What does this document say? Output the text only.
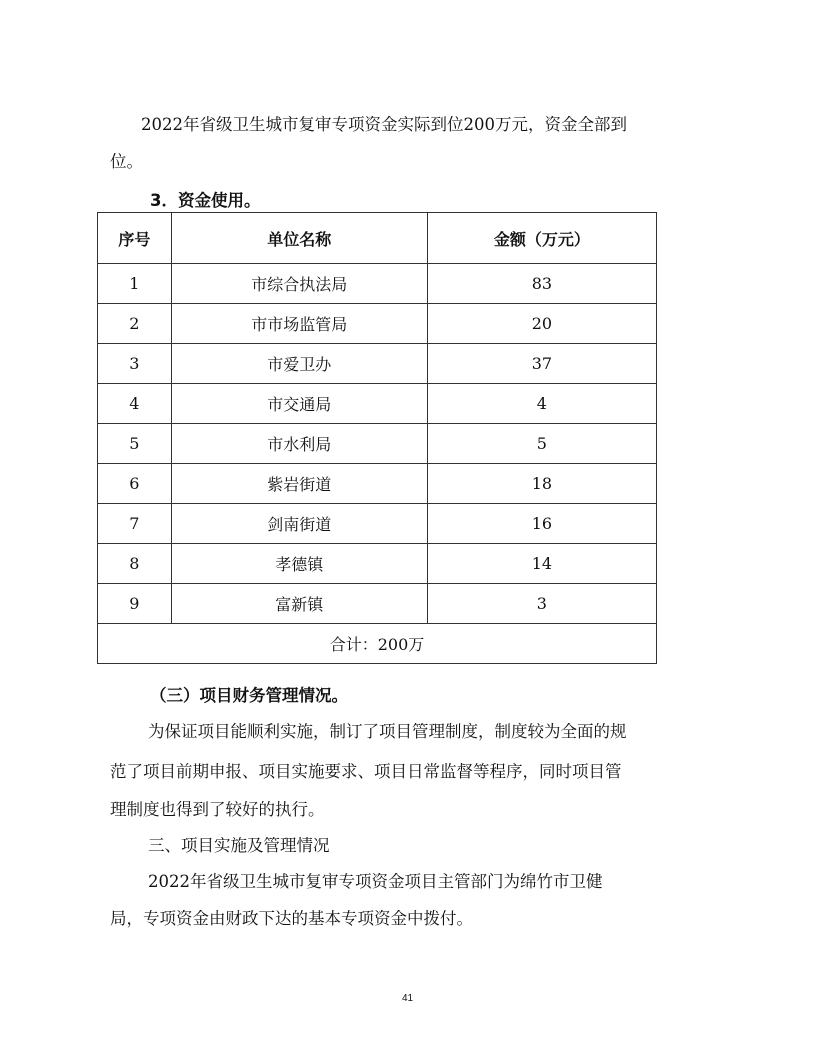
2022年省级卫生城市复审专项资金实际到位200万元，资金全部到

位。

3．资金使用。

序号	单位名称	金额（万元）
1	市综合执法局	83
2	市市场监管局	20
3	市爱卫办	37
4	市交通局	4
5	市水利局	5
6	紫岩街道	18
7	剑南街道	16
8	孝德镇	14
9	富新镇	3
合计：200万		

（三）项目财务管理情况。

为保证项目能顺利实施，制订了项目管理制度，制度较为全面的规

范了项目前期申报、项目实施要求、项目日常监督等程序，同时项目管

理制度也得到了较好的执行。

三、项目实施及管理情况

2022年省级卫生城市复审专项资金项目主管部门为绵竹市卫健

局，专项资金由财政下达的基本专项资金中拨付。

41
